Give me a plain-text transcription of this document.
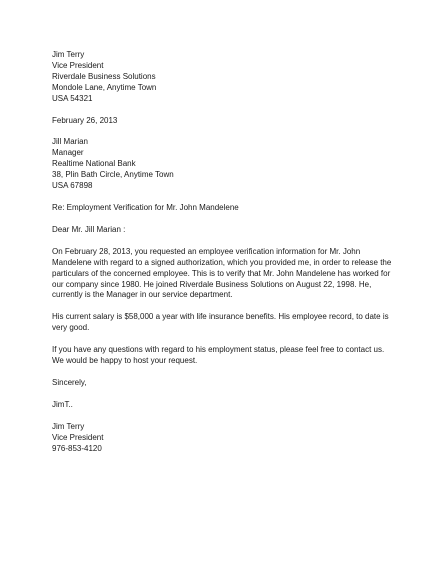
Jim Terry
Vice President
Riverdale Business Solutions
Mondole Lane, Anytime Town
USA 54321
February 26, 2013
Jill Marian
Manager
Realtime National Bank
38, Plin Bath Circle, Anytime Town
USA 67898
Re: Employment Verification for Mr. John Mandelene
Dear Mr. Jill Marian :
On February 28, 2013, you requested an employee verification information for Mr. John
Mandelene with regard to a signed authorization, which you provided me, in order to release the
particulars of the concerned employee. This is to verify that Mr. John Mandelene has worked for
our company since 1980. He joined Riverdale Business Solutions on August 22, 1998. He,
currently is the Manager in our service department.
His current salary is $58,000 a year with life insurance benefits. His employee record, to date is
very good.
If you have any questions with regard to his employment status, please feel free to contact us.
We would be happy to host your request.
Sincerely,
JimT..
Jim Terry
Vice President
976-853-4120
